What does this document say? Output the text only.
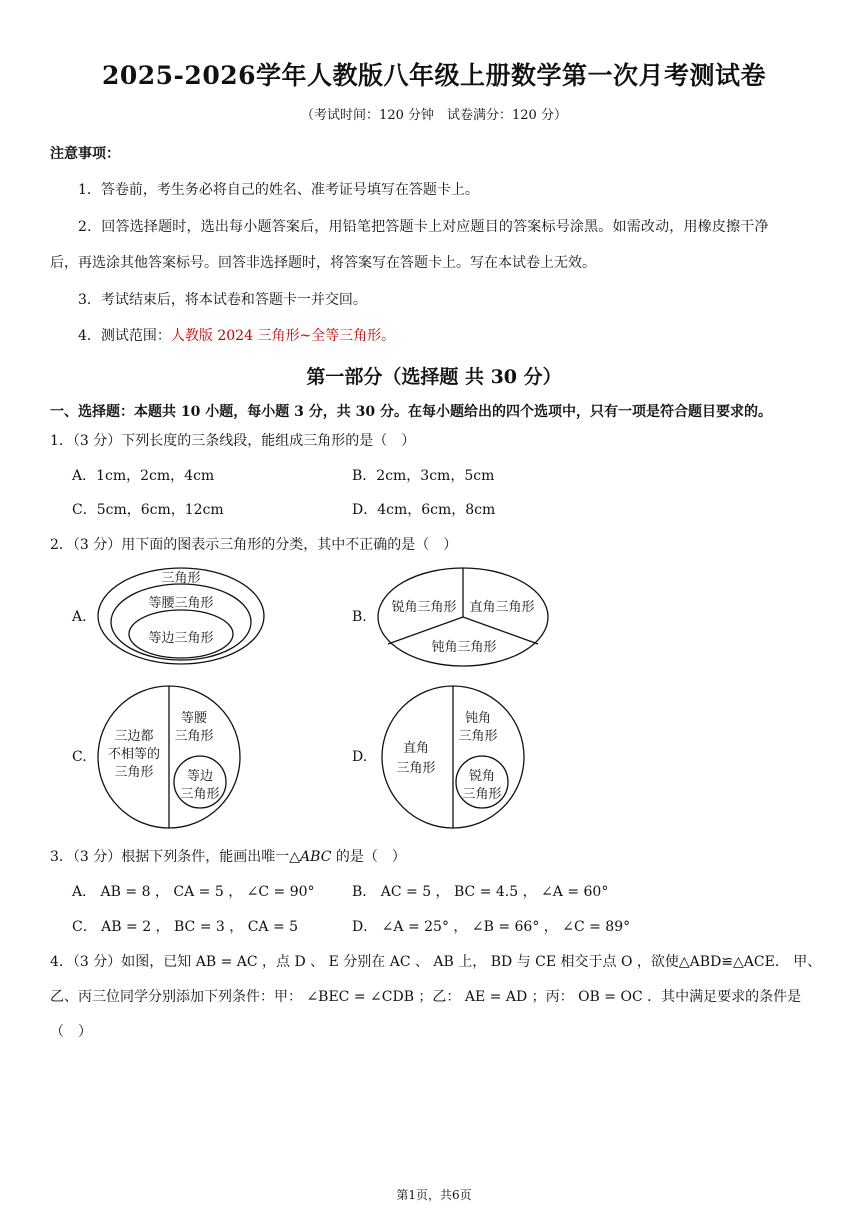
2025-2026学年人教版八年级上册数学第一次月考测试卷
（考试时间：120 分钟　试卷满分：120 分）
注意事项：
1．答卷前，考生务必将自己的姓名、准考证号填写在答题卡上。
2．回答选择题时，选出每小题答案后，用铅笔把答题卡上对应题目的答案标号涂黑。如需改动，用橡皮擦干净
后，再选涂其他答案标号。回答非选择题时，将答案写在答题卡上。写在本试卷上无效。
3．考试结束后，将本试卷和答题卡一并交回。
4．测试范围：人教版 2024 三角形~全等三角形。
第一部分（选择题 共 30 分）
一、选择题：本题共 10 小题，每小题 3 分，共 30 分。在每小题给出的四个选项中，只有一项是符合题目要求的。
1．（3 分）下列长度的三条线段，能组成三角形的是（　）
A．1cm，2cm，4cm	B．2cm，3cm，5cm
C．5cm，6cm，12cm	D．4cm，6cm，8cm
2．（3 分）用下面的图表示三角形的分类，其中不正确的是（　）
A.
三角形
等腰三角形
等边三角形
B.
锐角三角形 直角三角形
钝角三角形
C.
三边都
不相等的
三角形
等腰
三角形
等边
三角形
D.
直角
三角形
钝角
三角形
锐角
三角形
3．（3 分）根据下列条件，能画出唯一△ABC 的是（　）
A． AB = 8 ， CA = 5 ， ∠C = 90°	B． AC = 5 ， BC = 4.5 ， ∠A = 60°
C． AB = 2 ， BC = 3 ， CA = 5	D． ∠A = 25° ， ∠B = 66° ， ∠C = 89°
4．（3 分）如图，已知 AB = AC ，点 D 、 E 分别在 AC 、 AB 上， BD 与 CE 相交于点 O ，欲使△ABD≌△ACE． 甲、
乙、丙三位同学分别添加下列条件：甲： ∠BEC = ∠CDB ；乙： AE = AD ；丙： OB = OC ．其中满足要求的条件是
（　）
第1页，共6页
